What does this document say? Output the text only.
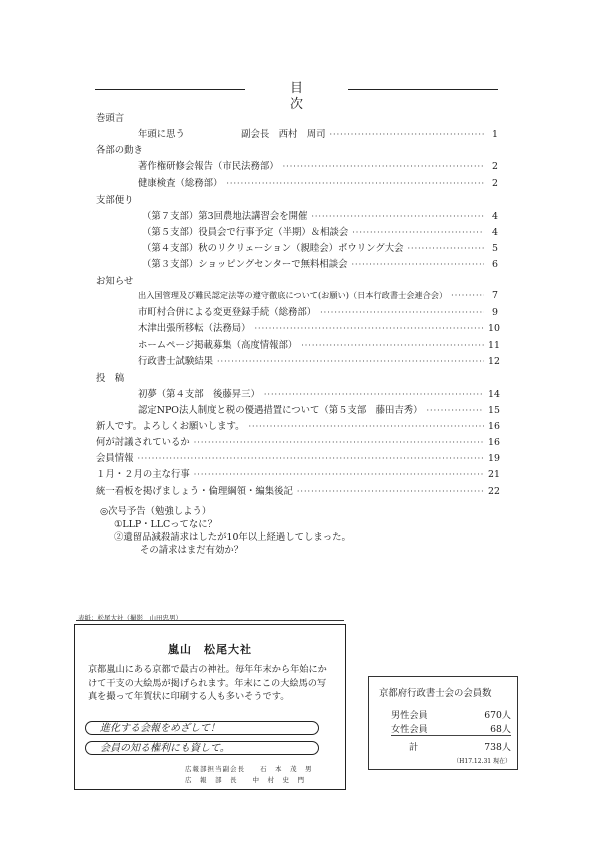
目　次
巻頭言
年頭に思う　　　　　　副会長　西村　周司 ·····	1
各部の動き
著作権研修会報告（市民法務部） ·····	2
健康検査（総務部） ·····	2
支部便り
（第７支部）第3回農地法講習会を開催 ·····	4
（第５支部）役員会で行事予定（半期）＆相談会 ·····	4
（第４支部）秋のリクリェーション（親睦会）ボウリング大会 ·····	5
（第３支部）ショッピングセンターで無料相談会 ·····	6
お知らせ
出入国管理及び難民認定法等の遵守徹底について(お願い)（日本行政書士会連合会） ·····	7
市町村合併による変更登録手続（総務部） ·····	9
木津出張所移転（法務局） ·····	10
ホームページ掲載募集（高度情報部） ·····	11
行政書士試験結果 ·····	12
投　稿
初夢（第４支部　後藤昇三） ·····	14
認定NPO法人制度と税の優遇措置について（第５支部　藤田吉秀） ·····	15
新人です。よろしくお願いします。 ·····	16
何が討議されているか ·····	16
会員情報 ·····	19
１月・２月の主な行事 ·····	21
統一看板を掲げましょう・倫理綱領・編集後記 ·····	22
◎次号予告（勉強しよう）
①LLP・LLCってなに？
②遺留品減殺請求はしたが10年以上経過してしまった。
その請求はまだ有効か？
表紙：松尾大社（撮影　山田忠男）
嵐山　松尾大社
京都嵐山にある京都で最古の神社。毎年年末から年始にかけて干支の大絵馬が掲げられます。年末にこの大絵馬の写真を撮って年賀状に印刷する人も多いそうです。
進化する会報をめざして！
会員の知る権利にも資して。
広報部担当副会長　　石　本　茂　男
広　報　部　長　　中　村　史　門
京都府行政書士会の会員数
男性会員	670人
女性会員	68人
計	738人
（H17.12.31 現在）
